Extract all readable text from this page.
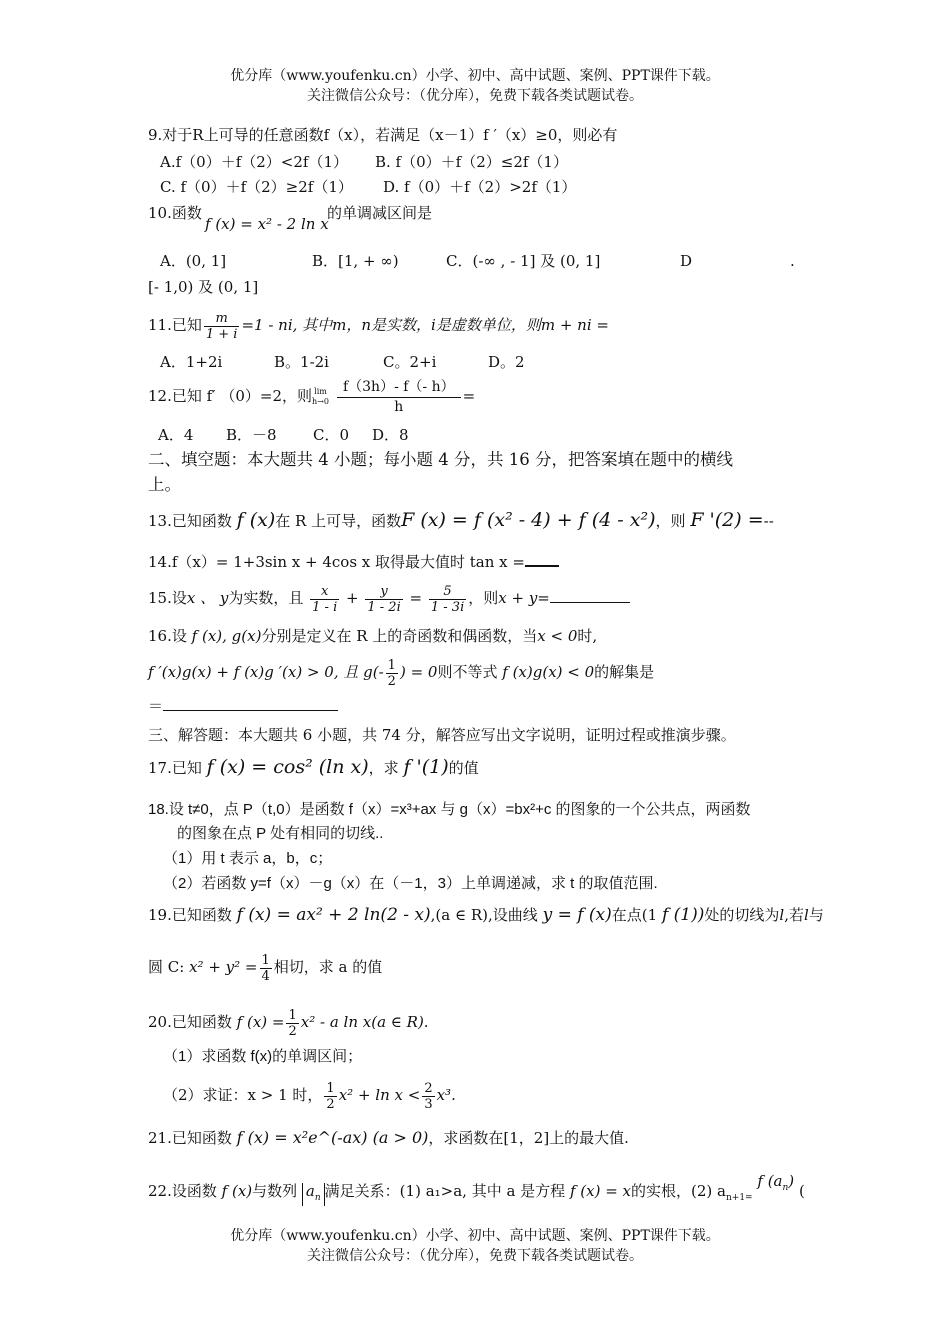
优分库（www.youfenku.cn）小学、初中、高中试题、案例、PPT课件下载。
关注微信公众号：（优分库），免费下载各类试题试卷。
9.对于R上可导的任意函数f（x），若满足（x－1）f ′（x）≥0，则必有
A.f（0）＋f（2）<2f（1） B. f（0）＋f（2）≤2f（1）
C. f（0）＋f（2）≥2f（1） D. f（0）＋f（2）>2f（1）
10.函数
f (x) = x² - 2 ln x
的单调减区间是
A．(0, 1]	B．[1, + ∞)	C．(-∞ , - 1] 及 (0, 1]	D	.
[- 1,0) 及 (0, 1]
11.已知 $\frac{m}{1 + i} =1$ - ni, 其中m，n是实数，i是虚数单位，则m + ni =
A．1+2i	B。1-2i	C。2+i	D。2
12.已知 f′ （0）=2，则 lim
$h\to 0 \frac{f(3h)- f(- h)}{h}$ =
A．4 B．－8 C．0 D．8
二、填空题：本大题共 4 小题；每小题 4 分，共 16 分，把答案填在题中的横线
上。
13.已知函数 f (x)在 R 上可导，函数F (x) = f (x² - 4) + f (4 - x²)，则 F '(2) =--
14.f（x）= 1+3sin x + 4cos x 取得最大值时 tan x =
15.设x 、 y为实数，且 $\frac{x}{1 - i} + \frac{y}{1 - 2i} = \frac{5}{1 - 3i}$ ，则x + y=
16.设 f (x), g(x)分别是定义在 R 上的奇函数和偶函数，当x < 0时,
f ′(x)g(x) + f (x)g ′(x) > 0, 且 $g(- \frac{1}{2}$ ) = 0则不等式 f (x)g(x) < 0的解集是
＝
三、解答题：本大题共 6 小题，共 74 分，解答应写出文字说明，证明过程或推演步骤。
17.已知 f (x) = cos² (ln x)，求 f '(1)的值
18.设 t≠0，点 P（t,0）是函数 f（x）=x³+ax 与 g（x）=bx²+c 的图象的一个公共点，两函数
的图象在点 P 处有相同的切线..
（1）用 t 表示 a，b，c；
（2）若函数 y=f（x）－g（x）在（－1，3）上单调递减，求 t 的取值范围.
19.已知函数 f (x) = ax² + 2 ln(2 - x),(a ∈ R),设曲线 y = f (x)在点(1 f (1))处的切线为l,若l与
圆 C: $x^2 + y^2 = \frac{1}{4}$ 相切，求 a 的值
20.已知函数 f $(x) = \frac{1}{2} x^2 - a$ ln x(a ∈ R).
（1）求函数 f(x)的单调区间；
（2）求证：x > 1 时， $\frac{1}{2} x^2 + \ln x < \frac{2}{3} x^3$.
21.已知函数 f (x) = x²e^(-ax) (a > 0)，求函数在[1，2]上的最大值.
22.设函数 f (x)与数列 $a_n$ 满足关系：(1) a₁>a, 其中 a 是方程 f (x) = x的实根，(2) $a_{n+1=}$ f $(a_n)$ (
优分库（www.youfenku.cn）小学、初中、高中试题、案例、PPT课件下载。
关注微信公众号：（优分库），免费下载各类试题试卷。
